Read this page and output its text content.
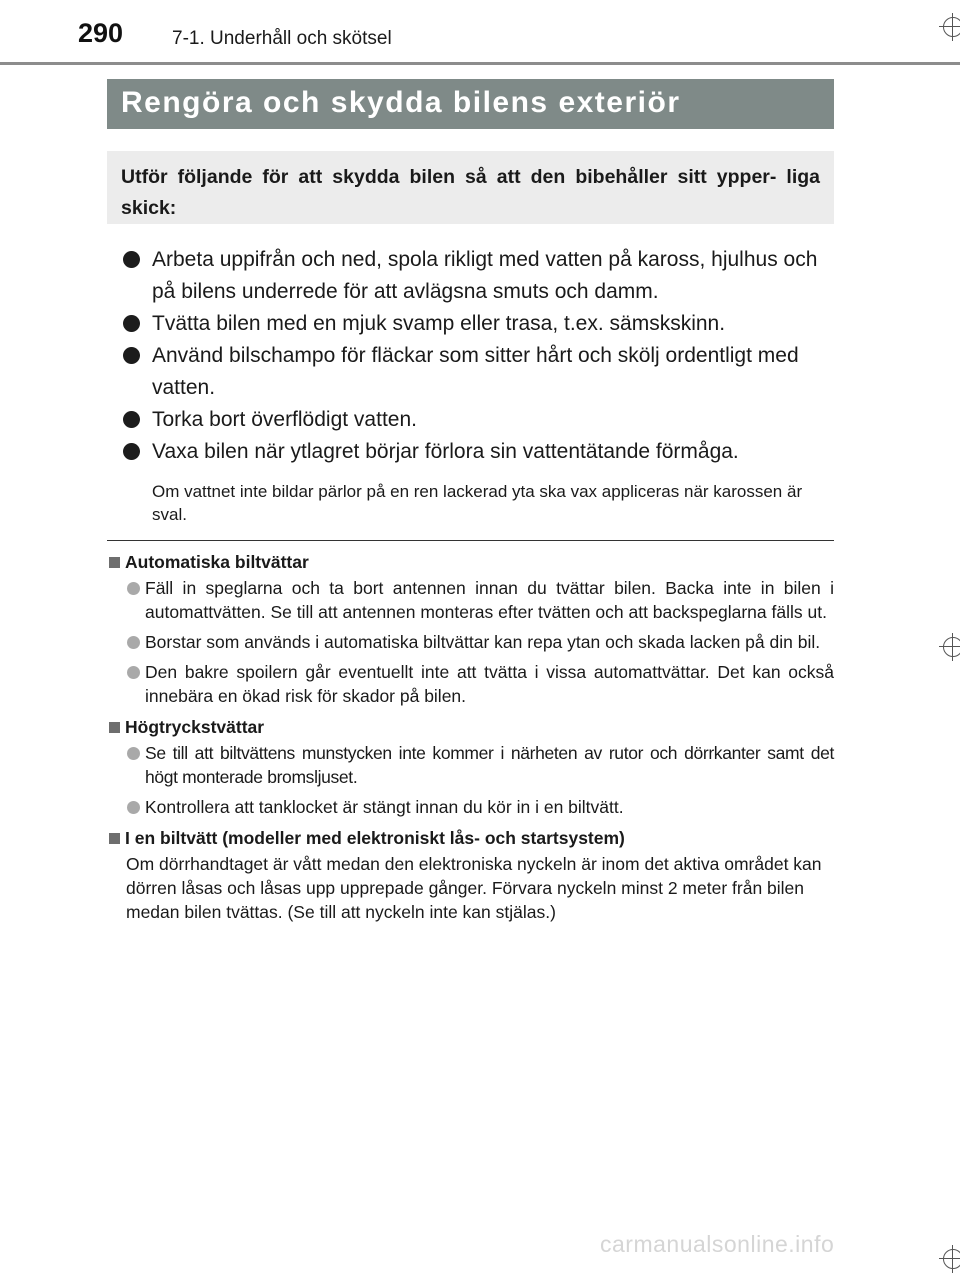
290	7-1. Underhåll och skötsel
Rengöra och skydda bilens exteriör
Utför följande för att skydda bilen så att den bibehåller sitt ypper- liga skick:
Arbeta uppifrån och ned, spola rikligt med vatten på kaross, hjulhus och på bilens underrede för att avlägsna smuts och damm.
Tvätta bilen med en mjuk svamp eller trasa, t.ex. sämskskinn.
Använd bilschampo för fläckar som sitter hårt och skölj ordentligt med vatten.
Torka bort överflödigt vatten.
Vaxa bilen när ytlagret börjar förlora sin vattentätande förmåga.
Om vattnet inte bildar pärlor på en ren lackerad yta ska vax appliceras när karossen är sval.
Automatiska biltvättar
Fäll in speglarna och ta bort antennen innan du tvättar bilen. Backa inte in bilen i automattvätten. Se till att antennen monteras efter tvätten och att backspeglarna fälls ut.
Borstar som används i automatiska biltvättar kan repa ytan och skada lacken på din bil.
Den bakre spoilern går eventuellt inte att tvätta i vissa automattvättar. Det kan också innebära en ökad risk för skador på bilen.
Högtryckstvättar
Se till att biltvättens munstycken inte kommer i närheten av rutor och dörrkanter samt det högt monterade bromsljuset.
Kontrollera att tanklocket är stängt innan du kör in i en biltvätt.
I en biltvätt (modeller med elektroniskt lås- och startsystem)
Om dörrhandtaget är vått medan den elektroniska nyckeln är inom det aktiva området kan dörren låsas och låsas upp upprepade gånger. Förvara nyckeln minst 2 meter från bilen medan bilen tvättas. (Se till att nyckeln inte kan stjälas.)
carmanualsonline.info
